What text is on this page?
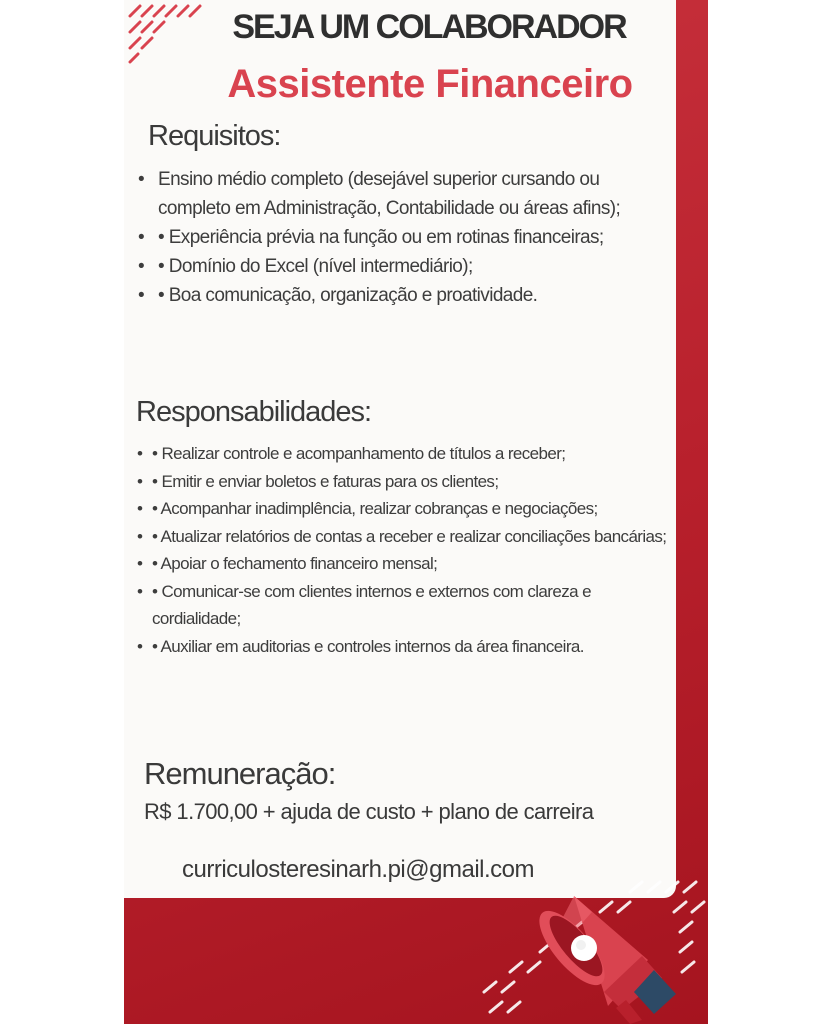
SEJA UM COLABORADOR
Assistente Financeiro
Requisitos:
• Ensino médio completo (desejável superior cursando ou completo em Administração, Contabilidade ou áreas afins);
• • Experiência prévia na função ou em rotinas financeiras;
• • Domínio do Excel (nível intermediário);
• • Boa comunicação, organização e proatividade.
Responsabilidades:
• • Realizar controle e acompanhamento de títulos a receber;
• • Emitir e enviar boletos e faturas para os clientes;
• • Acompanhar inadimplência, realizar cobranças e negociações;
• • Atualizar relatórios de contas a receber e realizar conciliações bancárias;
• • Apoiar o fechamento financeiro mensal;
• • Comunicar-se com clientes internos e externos com clareza e cordialidade;
• • Auxiliar em auditorias e controles internos da área financeira.
Remuneração:

R$ 1.700,00 + ajuda de custo + plano de carreira

curriculosteresinarh.pi@gmail.com
